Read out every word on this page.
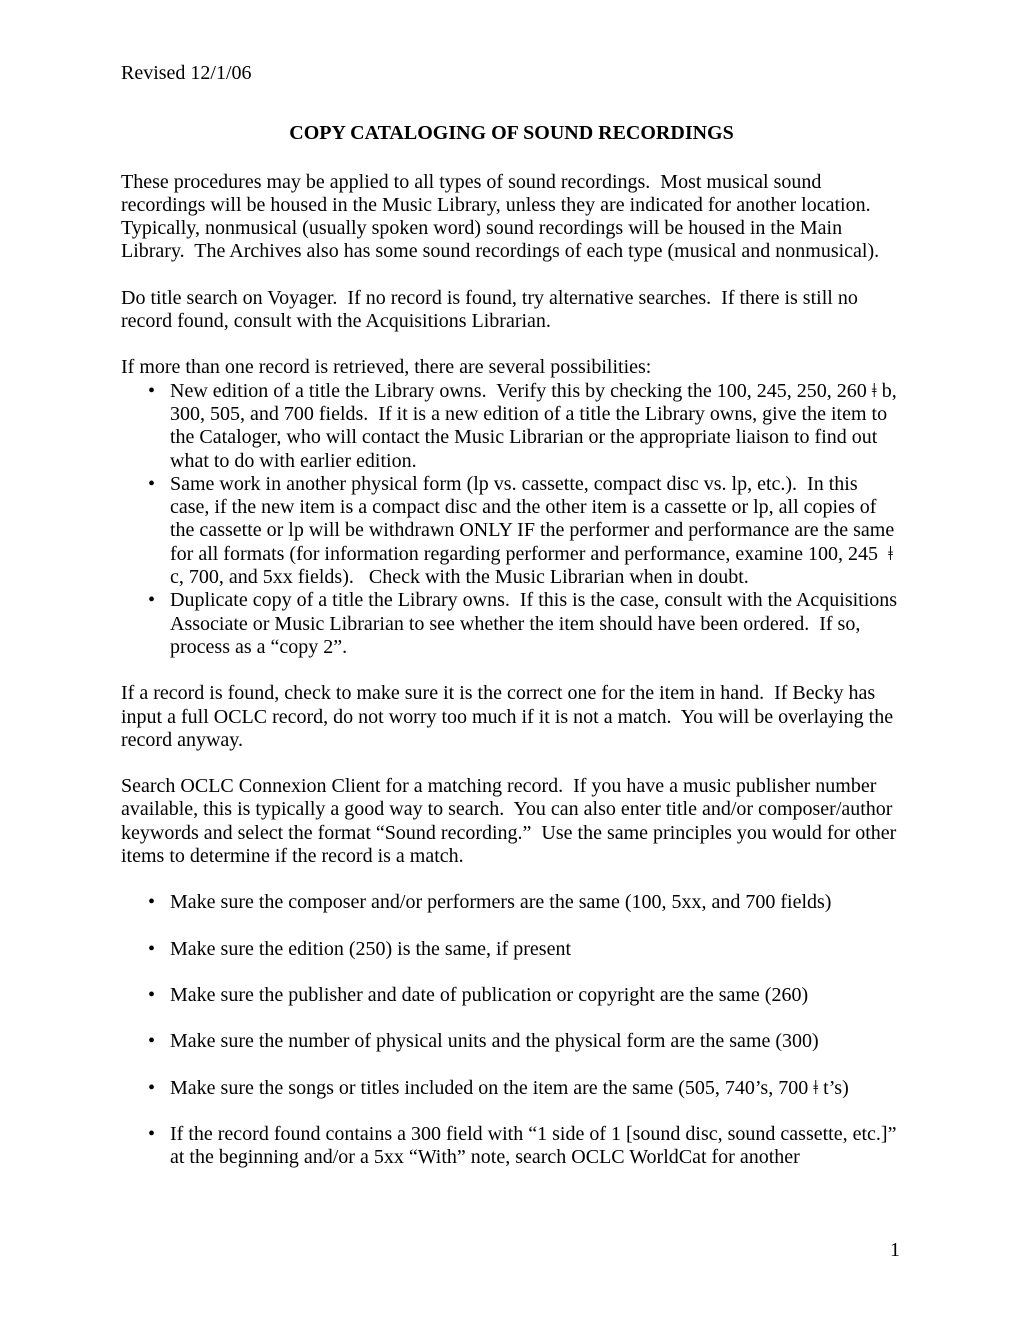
Revised 12/1/06
COPY CATALOGING OF SOUND RECORDINGS

These procedures may be applied to all types of sound recordings.  Most musical sound recordings will be housed in the Music Library, unless they are indicated for another location.  Typically, nonmusical (usually spoken word) sound recordings will be housed in the Main Library.  The Archives also has some sound recordings of each type (musical and nonmusical).

Do title search on Voyager.  If no record is found, try alternative searches.  If there is still no record found, consult with the Acquisitions Librarian.

If more than one record is retrieved, there are several possibilities:

• New edition of a title the Library owns.  Verify this by checking the 100, 245, 250, 260 ǂ b, 300, 505, and 700 fields.  If it is a new edition of a title the Library owns, give the item to the Cataloger, who will contact the Music Librarian or the appropriate liaison to find out what to do with earlier edition.
• Same work in another physical form (lp vs. cassette, compact disc vs. lp, etc.).  In this case, if the new item is a compact disc and the other item is a cassette or lp, all copies of the cassette or lp will be withdrawn ONLY IF the performer and performance are the same for all formats (for information regarding performer and performance, examine 100, 245  ǂ c, 700, and 5xx fields).   Check with the Music Librarian when in doubt.
• Duplicate copy of a title the Library owns.  If this is the case, consult with the Acquisitions Associate or Music Librarian to see whether the item should have been ordered.  If so, process as a “copy 2”.

If a record is found, check to make sure it is the correct one for the item in hand.  If Becky has input a full OCLC record, do not worry too much if it is not a match.  You will be overlaying the record anyway.

Search OCLC Connexion Client for a matching record.  If you have a music publisher number available, this is typically a good way to search.  You can also enter title and/or composer/author keywords and select the format “Sound recording.”  Use the same principles you would for other items to determine if the record is a match.

• Make sure the composer and/or performers are the same (100, 5xx, and 700 fields)
• Make sure the edition (250) is the same, if present
• Make sure the publisher and date of publication or copyright are the same (260)
• Make sure the number of physical units and the physical form are the same (300)
• Make sure the songs or titles included on the item are the same (505, 740’s, 700 ǂ t’s)
• If the record found contains a 300 field with “1 side of 1 [sound disc, sound cassette, etc.]” at the beginning and/or a 5xx “With” note, search OCLC WorldCat for another
1
